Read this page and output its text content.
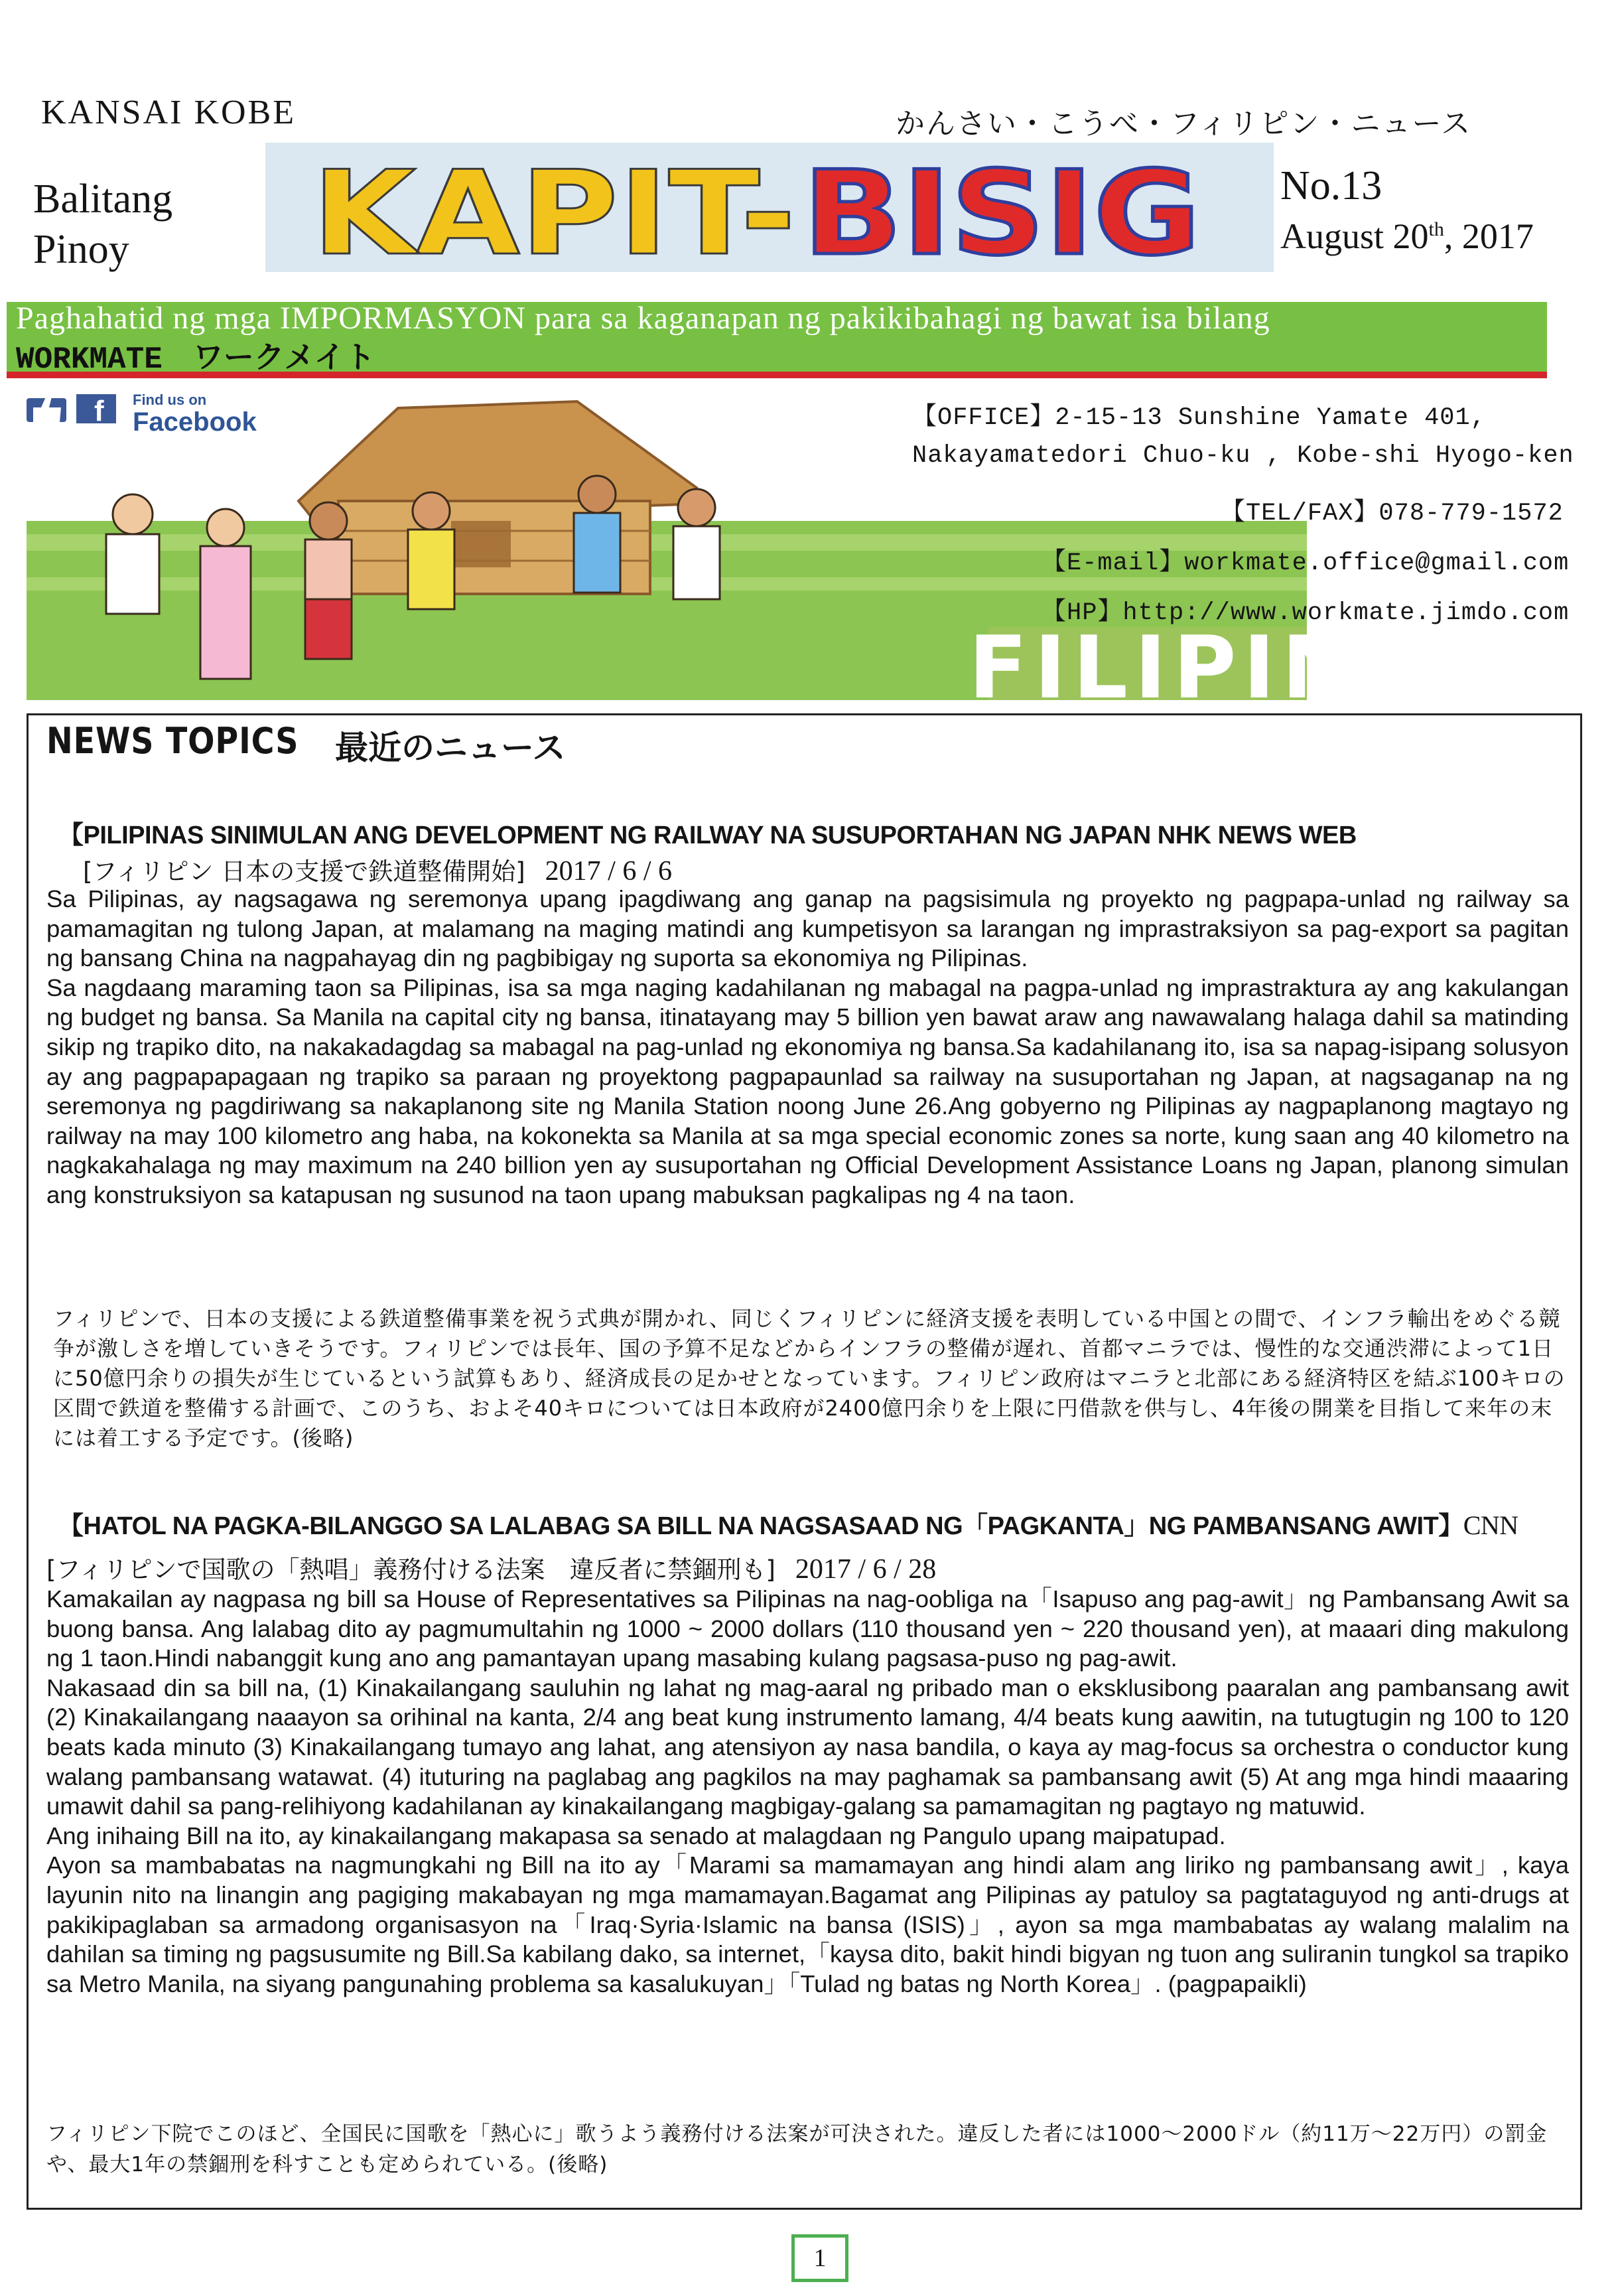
KANSAI KOBE	かんさい・こうべ・フィリピン・ニュース
Balitang
Pinoy	KAPIT- BISIG No.13
August 20th, 2017
Paghahatid ng mga IMPORMASYON para sa kaganapan ng pakikibahagi ng bawat isa bilang
WORKMATE　ワークメイト
f Find us on
Facebook	【OFFICE】2-15-13 Sunshine Yamate 401,
Nakayamatedori Chuo-ku , Kobe-shi Hyogo-ken
【TEL/FAX】078-779-1572
【E-mail】workmate.office@gmail.com
【HP】http://www.workmate.jimdo.com
FILIPINO
NEWS TOPICS 最近のニュース
【PILIPINAS SINIMULAN ANG DEVELOPMENT NG RAILWAY NA SUSUPORTAHAN NG JAPAN NHK NEWS WEB
[フィリピン 日本の支援で鉄道整備開始] 2017 / 6 / 6

Sa Pilipinas, ay nagsagawa ng seremonya upang ipagdiwang ang ganap na pagsisimula ng proyekto ng pagpapa-unlad ng railway sa pamamagitan ng tulong Japan, at malamang na maging matindi ang kumpetisyon sa larangan ng imprastraksiyon sa pag-export sa pagitan ng bansang China na nagpahayag din ng pagbibigay ng suporta sa ekonomiya ng Pilipinas.

Sa nagdaang maraming taon sa Pilipinas, isa sa mga naging kadahilanan ng mabagal na pagpa-unlad ng imprastraktura ay ang kakulangan ng budget ng bansa. Sa Manila na capital city ng bansa, itinatayang may 5 billion yen bawat araw ang nawawalang halaga dahil sa matinding sikip ng trapiko dito, na nakakadagdag sa mabagal na pag-unlad ng ekonomiya ng bansa.Sa kadahilanang ito, isa sa napag-isipang solusyon ay ang pagpapapagaan ng trapiko sa paraan ng proyektong pagpapaunlad sa railway na susuportahan ng Japan, at nagsaganap na ng seremonya ng pagdiriwang sa nakaplanong site ng Manila Station noong June 26.Ang gobyerno ng Pilipinas ay nagpaplanong magtayo ng railway na may 100 kilometro ang haba, na kokonekta sa Manila at sa mga special economic zones sa norte, kung saan ang 40 kilometro na nagkakahalaga ng may maximum na 240 billion yen ay susuportahan ng Official Development Assistance Loans ng Japan, planong simulan ang konstruksiyon sa katapusan ng susunod na taon upang mabuksan pagkalipas ng 4 na taon.

フィリピンで、日本の支援による鉄道整備事業を祝う式典が開かれ、同じくフィリピンに経済支援を表明している中国との間で、インフラ輸出をめぐる競争が激しさを増していきそうです。フィリピンでは長年、国の予算不足などからインフラの整備が遅れ、首都マニラでは、慢性的な交通渋滞によって1日に50億円余りの損失が生じているという試算もあり、経済成長の足かせとなっています。フィリピン政府はマニラと北部にある経済特区を結ぶ100キロの区間で鉄道を整備する計画で、このうち、およそ40キロについては日本政府が2400億円余りを上限に円借款を供与し、4年後の開業を目指して来年の末には着工する予定です。(後略)
【HATOL NA PAGKA-BILANGGO SA LALABAG SA BILL NA NAGSASAAD NG「PAGKANTA」NG PAMBANSANG AWIT】CNN
[フィリピンで国歌の「熱唱」義務付ける法案　違反者に禁錮刑も] 2017 / 6 / 28

Kamakailan ay nagpasa ng bill sa House of Representatives sa Pilipinas na nag-oobliga na「Isapuso ang pag-awit」ng Pambansang Awit sa buong bansa. Ang lalabag dito ay pagmumultahin ng 1000 ~ 2000 dollars (110 thousand yen ~ 220 thousand yen), at maaari ding makulong ng 1 taon.Hindi nabanggit kung ano ang pamantayan upang masabing kulang pagsasa-puso ng pag-awit.

Nakasaad din sa bill na, (1) Kinakailangang sauluhin ng lahat ng mag-aaral ng pribado man o eksklusibong paaralan ang pambansang awit (2) Kinakailangang naaayon sa orihinal na kanta, 2/4 ang beat kung instrumento lamang, 4/4 beats kung aawitin, na tutugtugin ng 100 to 120 beats kada minuto (3) Kinakailangang tumayo ang lahat, ang atensiyon ay nasa bandila, o kaya ay mag-focus sa orchestra o conductor kung walang pambansang watawat. (4) ituturing na paglabag ang pagkilos na may paghamak sa pambansang awit (5) At ang mga hindi maaaring umawit dahil sa pang-relihiyong kadahilanan ay kinakailangang magbigay-galang sa pamamagitan ng pagtayo ng matuwid.

Ang inihaing Bill na ito, ay kinakailangang makapasa sa senado at malagdaan ng Pangulo upang maipatupad.

Ayon sa mambabatas na nagmungkahi ng Bill na ito ay「Marami sa mamamayan ang hindi alam ang liriko ng pambansang awit」, kaya layunin nito na linangin ang pagiging makabayan ng mga mamamayan.Bagamat ang Pilipinas ay patuloy sa pagtataguyod ng anti-drugs at pakikipaglaban sa armadong organisasyon na「Iraq·Syria·Islamic na bansa (ISIS)」, ayon sa mga mambabatas ay walang malalim na dahilan sa timing ng pagsusumite ng Bill.Sa kabilang dako, sa internet,「kaysa dito, bakit hindi bigyan ng tuon ang suliranin tungkol sa trapiko sa Metro Manila, na siyang pangunahing problema sa kasalukuyan」「Tulad ng batas ng North Korea」. (pagpapaikli)

フィリピン下院でこのほど、全国民に国歌を「熱心に」歌うよう義務付ける法案が可決された。違反した者には1000～2000ドル（約11万～22万円）の罰金や、最大1年の禁錮刑を科すことも定められている。(後略)
1
